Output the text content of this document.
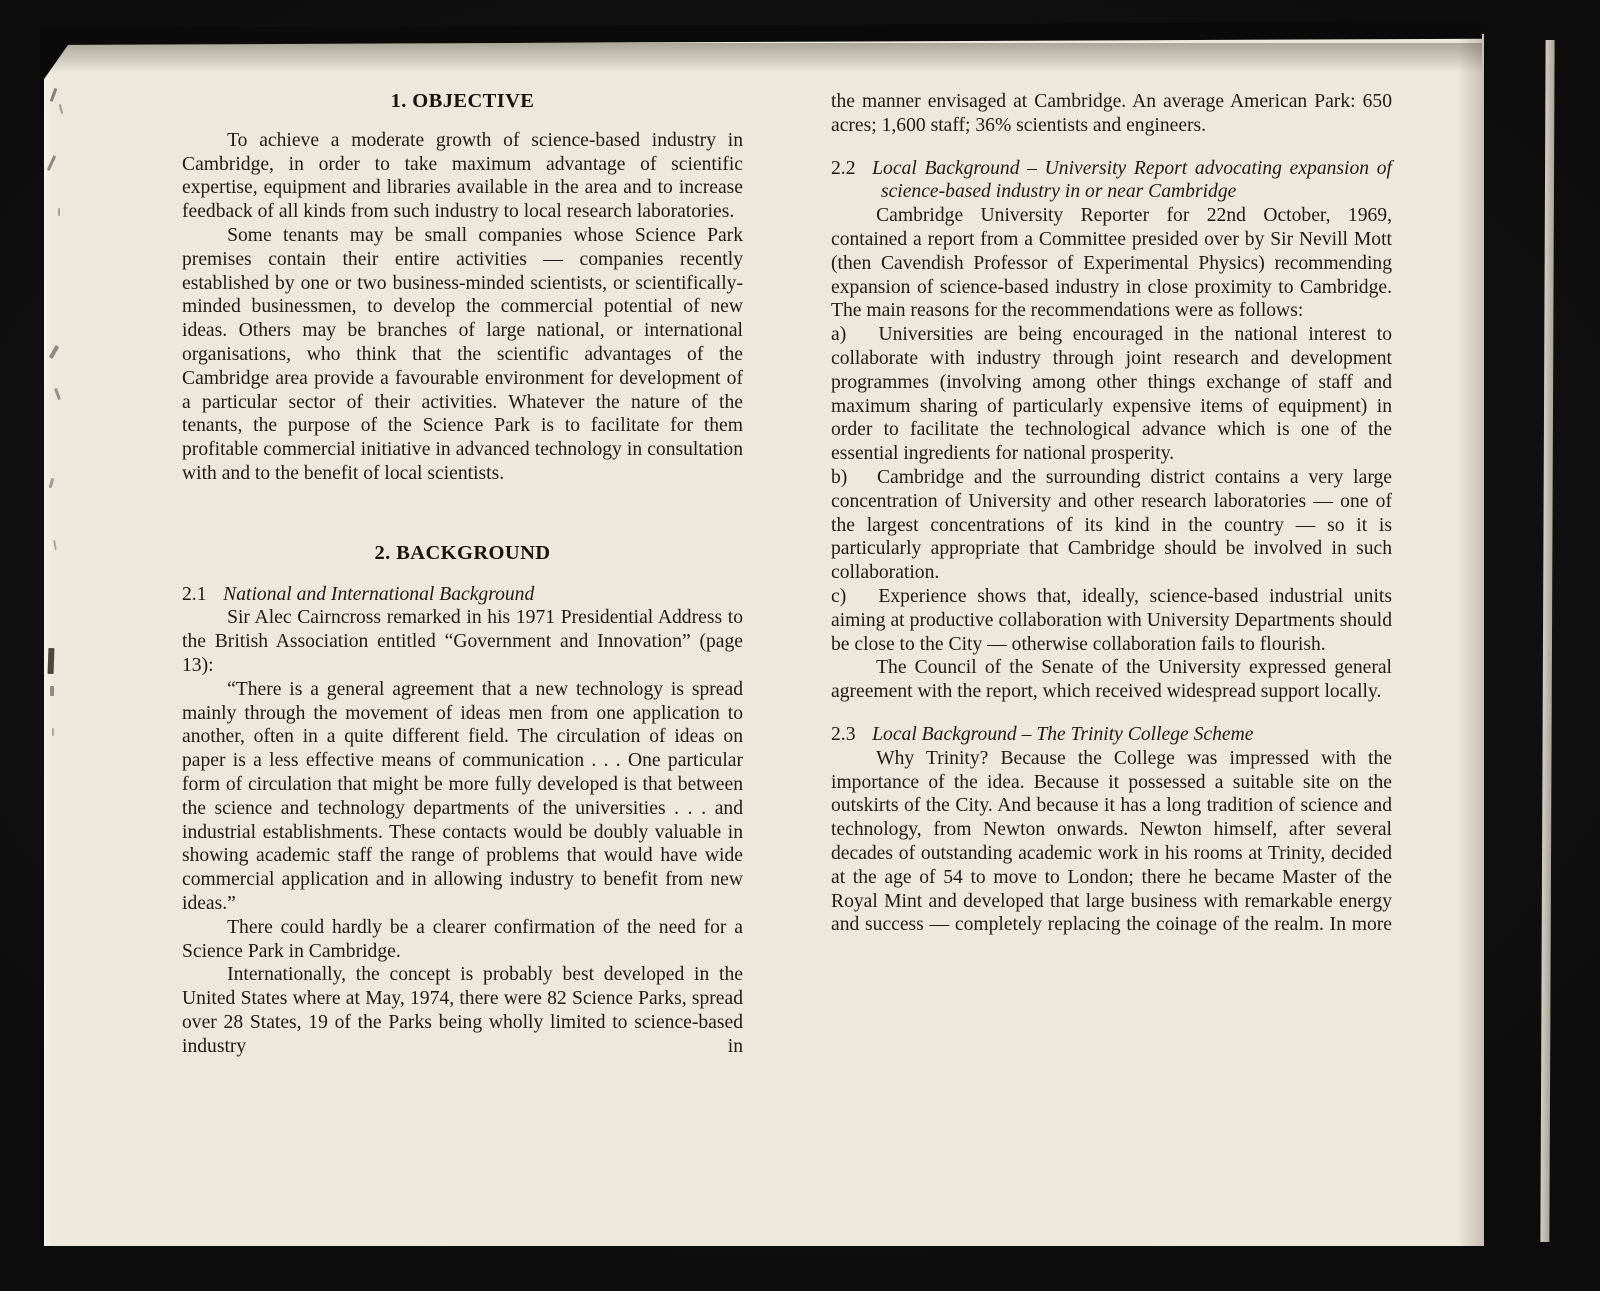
1. OBJECTIVE

To achieve a moderate growth of science-based industry in Cambridge, in order to take maximum advantage of scientific expertise, equipment and libraries available in the area and to increase feedback of all kinds from such industry to local research laboratories.

Some tenants may be small companies whose Science Park premises contain their entire activities — companies recently established by one or two business-minded scientists, or scientifically-minded businessmen, to develop the commercial potential of new ideas. Others may be branches of large national, or international organisations, who think that the scientific advantages of the Cambridge area provide a favourable environment for development of a particular sector of their activities. Whatever the nature of the tenants, the purpose of the Science Park is to facilitate for them profitable commercial initiative in advanced technology in consultation with and to the benefit of local scientists.

2. BACKGROUND

2.1 National and International Background

Sir Alec Cairncross remarked in his 1971 Presidential Address to the British Association entitled “Government and Innovation” (page 13):

“There is a general agreement that a new technology is spread mainly through the movement of ideas men from one application to another, often in a quite different field. The circulation of ideas on paper is a less effective means of communication . . . One particular form of circulation that might be more fully developed is that between the science and technology departments of the universities . . . and industrial establishments. These contacts would be doubly valuable in showing academic staff the range of problems that would have wide commercial application and in allowing industry to benefit from new ideas.”

There could hardly be a clearer confirmation of the need for a Science Park in Cambridge.

Internationally, the concept is probably best developed in the United States where at May, 1974, there were 82 Science Parks, spread over 28 States, 19 of the Parks being wholly limited to science-based industry in

the manner envisaged at Cambridge. An average American Park: 650 acres; 1,600 staff; 36% scientists and engineers.

2.2 Local Background – University Report advocating expansion of science-based industry in or near Cambridge

Cambridge University Reporter for 22nd October, 1969, contained a report from a Committee presided over by Sir Nevill Mott (then Cavendish Professor of Experimental Physics) recommending expansion of science-based industry in close proximity to Cambridge. The main reasons for the recommendations were as follows:

a)   Universities are being encouraged in the national interest to collaborate with industry through joint research and development programmes (involving among other things exchange of staff and maximum sharing of particularly expensive items of equipment) in order to facilitate the technological advance which is one of the essential ingredients for national prosperity.

b)   Cambridge and the surrounding district contains a very large concentration of University and other research laboratories — one of the largest concentrations of its kind in the country — so it is particularly appropriate that Cambridge should be involved in such collaboration.

c)   Experience shows that, ideally, science-based industrial units aiming at productive collaboration with University Departments should be close to the City — otherwise collaboration fails to flourish.

The Council of the Senate of the University expressed general agreement with the report, which received widespread support locally.

2.3 Local Background – The Trinity College Scheme

Why Trinity? Because the College was impressed with the importance of the idea. Because it possessed a suitable site on the outskirts of the City. And because it has a long tradition of science and technology, from Newton onwards. Newton himself, after several decades of outstanding academic work in his rooms at Trinity, decided at the age of 54 to move to London; there he became Master of the Royal Mint and developed that large business with remarkable energy and success — completely replacing the coinage of the realm. In more
